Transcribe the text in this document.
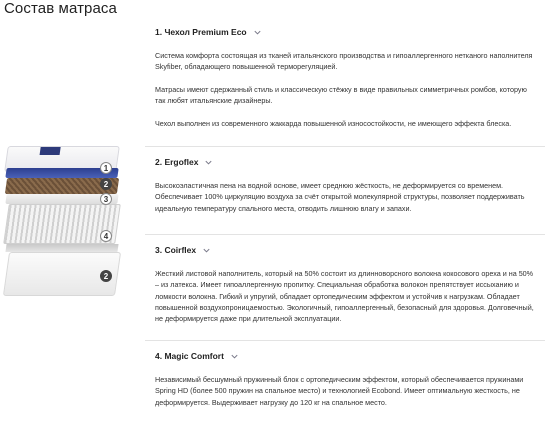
Состав матраса
1
2
3
4
2
1. Чехол Premium Eco

Система комфорта состоящая из тканей итальянского производства и гипоаллергенного нетканого наполнителя Skyfiber, обладающего повышенной терморегуляцией.

Матрасы имеют сдержанный стиль и классическую стёжку в виде правильных симметричных ромбов, которую так любят итальянские дизайнеры.

Чехол выполнен из современного жаккарда повышенной износостойкости, не имеющего эффекта блеска.

2. Ergoflex

Высокоэластичная пена на водной основе, имеет среднюю жёсткость, не деформируется со временем. Обеспечивает 100% циркуляцию воздуха за счёт открытой молекулярной структуры, позволяет поддерживать идеальную температуру спального места, отводить лишнюю влагу и запахи.

3. Coirflex

Жесткий листовой наполнитель, который на 50% состоит из длинноворсного волокна кокосового ореха и на 50% – из латекса. Имеет гипоаллергенную пропитку. Специальная обработка волокон препятствует иссыханию и ломкости волокна. Гибкий и упругий, обладает ортопедическим эффектом и устойчив к нагрузкам. Обладает повышенной воздухопроницаемостью. Экологичный, гипоаллергенный, безопасный для здоровья. Долговечный, не деформируется даже при длительной эксплуатации.

4. Magic Comfort

Независимый бесшумный пружинный блок с ортопедическим эффектом, который обеспечивается пружинами Spring HD (более 500 пружин на спальное место) и технологией Ecobond. Имеет оптимальную жесткость, не деформируется. Выдерживает нагрузку до 120 кг на спальное место.
